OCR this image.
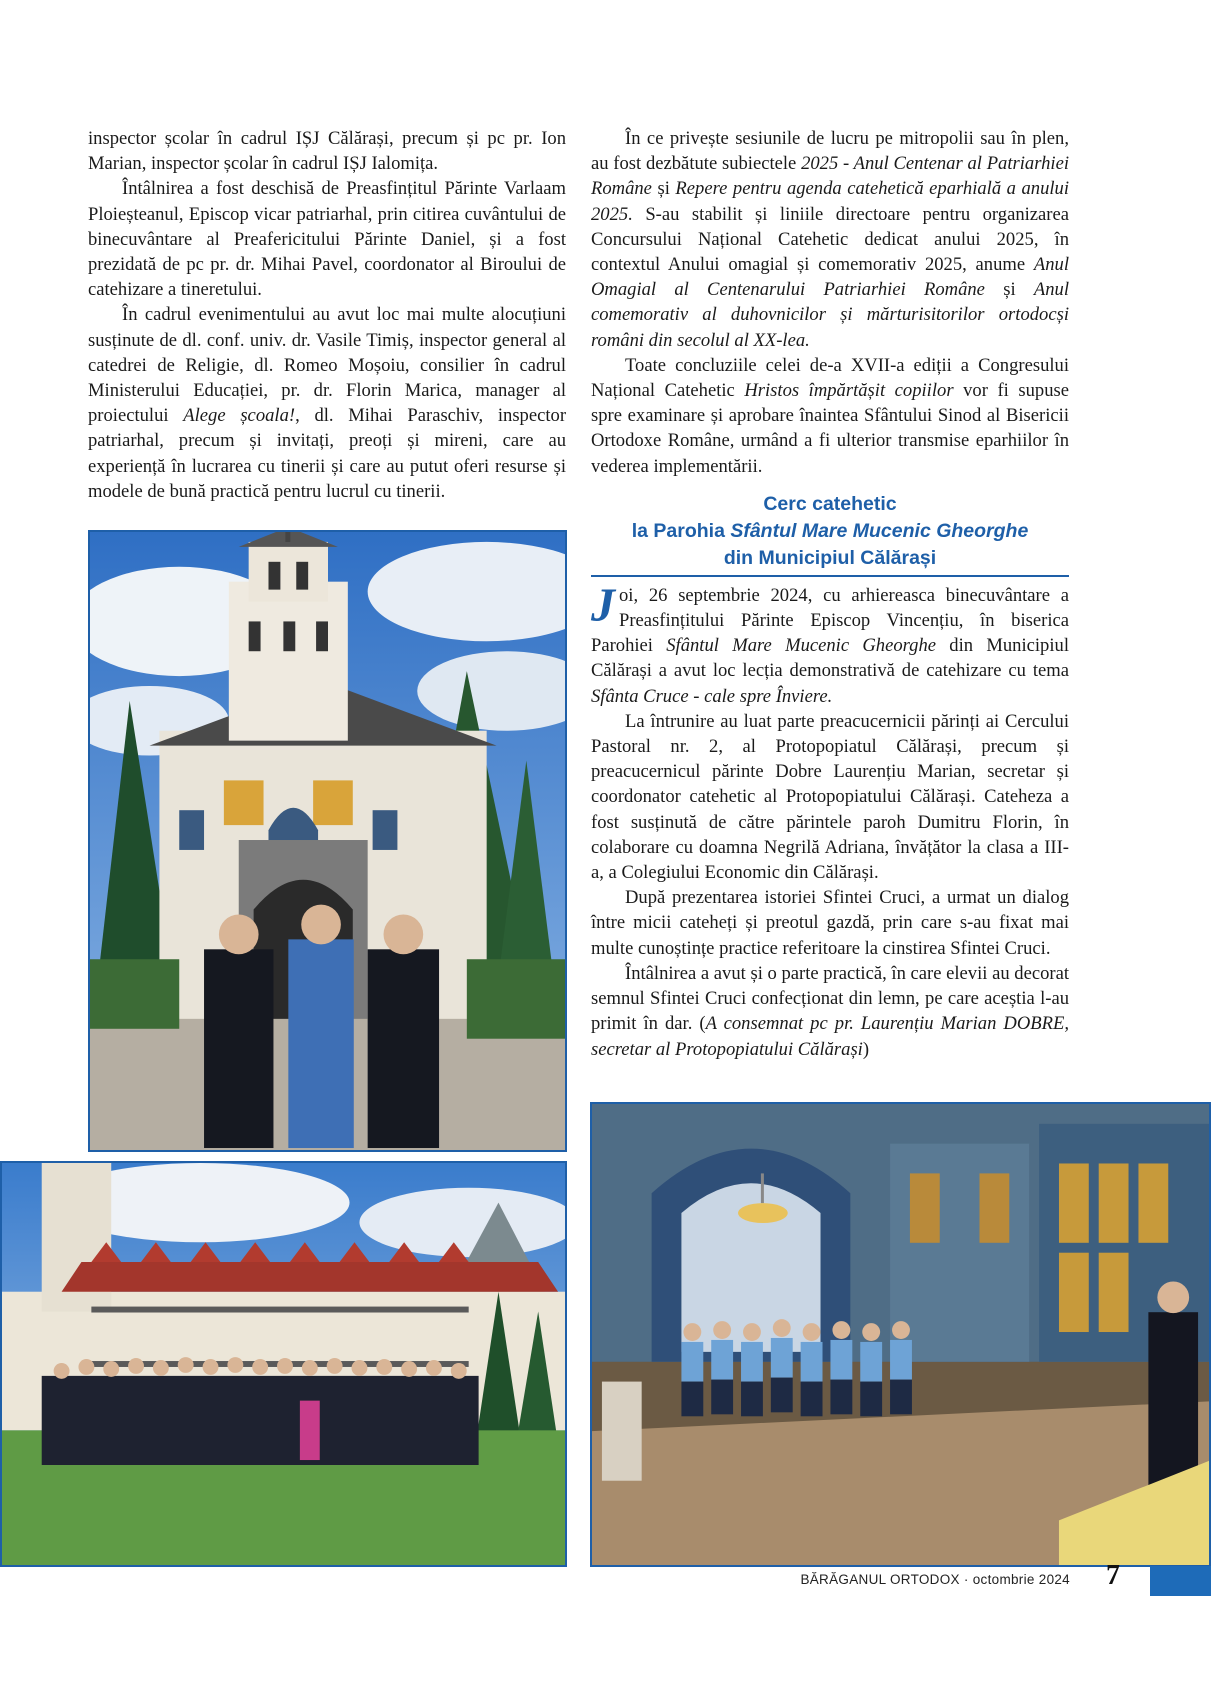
inspector școlar în cadrul IȘJ Călărași, precum și pc pr. Ion Marian, inspector școlar în cadrul IȘJ Ialomița.

Întâlnirea a fost deschisă de Preasfințitul Părinte Varlaam Ploieșteanul, Episcop vicar patriarhal, prin citirea cuvântului de binecuvântare al Preafericitului Părinte Daniel, și a fost prezidată de pc pr. dr. Mihai Pavel, coordonator al Biroului de catehizare a tineretului.

În cadrul evenimentului au avut loc mai multe alocuțiuni susținute de dl. conf. univ. dr. Vasile Timiș, inspector general al catedrei de Religie, dl. Romeo Moșoiu, consilier în cadrul Ministerului Educației, pr. dr. Florin Marica, manager al proiectului Alege școala!, dl. Mihai Paraschiv, inspector patriarhal, precum și invitați, preoți și mireni, care au experiență în lucrarea cu tinerii și care au putut oferi resurse și modele de bună practică pentru lucrul cu tinerii.

În ce privește sesiunile de lucru pe mitropolii sau în plen, au fost dezbătute subiectele 2025 - Anul Centenar al Patriarhiei Române și Repere pentru agenda catehetică eparhială a anului 2025. S-au stabilit și liniile directoare pentru organizarea Concursului Național Catehetic dedicat anului 2025, în contextul Anului omagial și comemorativ 2025, anume Anul Omagial al Centenarului Patriarhiei Române și Anul comemorativ al duhovnicilor și mărturisitorilor ortodocși români din secolul al XX-lea.

Toate concluziile celei de-a XVII-a ediții a Congresului Național Catehetic Hristos împărtășit copiilor vor fi supuse spre examinare și aprobare înaintea Sfântului Sinod al Bisericii Ortodoxe Române, urmând a fi ulterior transmise eparhiilor în vederea implementării.

Cerc catehetic
la Parohia Sfântul Mare Mucenic Gheorghe
din Municipiul Călărași

Joi, 26 septembrie 2024, cu arhiereasca binecuvântare a Preasfințitului Părinte Episcop Vincențiu, în biserica Parohiei Sfântul Mare Mucenic Gheorghe din Municipiul Călărași a avut loc lecția demonstrativă de catehizare cu tema Sfânta Cruce - cale spre Înviere.

La întrunire au luat parte preacucernicii părinți ai Cercului Pastoral nr. 2, al Protopopiatul Călărași, precum și preacucernicul părinte Dobre Laurențiu Marian, secretar și coordonator catehetic al Protopopiatului Călărași. Cateheza a fost susținută de către părintele paroh Dumitru Florin, în colaborare cu doamna Negrilă Adriana, învățător la clasa a III-a, a Colegiului Economic din Călărași.

După prezentarea istoriei Sfintei Cruci, a urmat un dialog între micii catehеți și preotul gazdă, prin care s-au fixat mai multe cunoștințe practice referitoare la cinstirea Sfintei Cruci.

Întâlnirea a avut și o parte practică, în care elevii au decorat semnul Sfintei Cruci confecționat din lemn, pe care aceștia l-au primit în dar. (A consemnat pc pr. Laurențiu Marian DOBRE, secretar al Protopopiatului Călărași)

BĂRĂGANUL ORTODOX · octombrie 2024 7
